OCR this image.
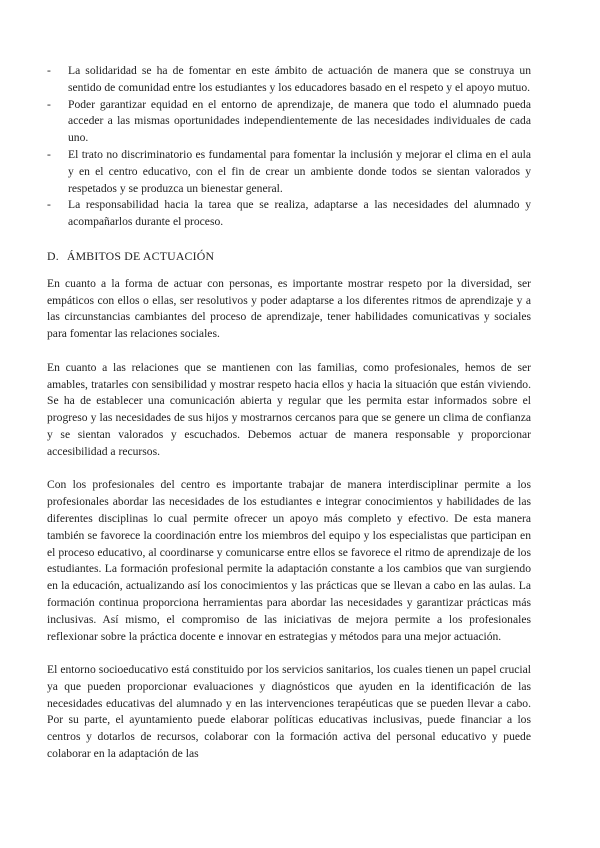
- La solidaridad se ha de fomentar en este ámbito de actuación de manera que se construya un sentido de comunidad entre los estudiantes y los educadores basado en el respeto y el apoyo mutuo.
- Poder garantizar equidad en el entorno de aprendizaje, de manera que todo el alumnado pueda acceder a las mismas oportunidades independientemente de las necesidades individuales de cada uno.
- El trato no discriminatorio es fundamental para fomentar la inclusión y mejorar el clima en el aula y en el centro educativo, con el fin de crear un ambiente donde todos se sientan valorados y respetados y se produzca un bienestar general.
- La responsabilidad hacia la tarea que se realiza, adaptarse a las necesidades del alumnado y acompañarlos durante el proceso.
D. ÁMBITOS DE ACTUACIÓN

En cuanto a la forma de actuar con personas, es importante mostrar respeto por la diversidad, ser empáticos con ellos o ellas, ser resolutivos y poder adaptarse a los diferentes ritmos de aprendizaje y a las circunstancias cambiantes del proceso de aprendizaje, tener habilidades comunicativas y sociales para fomentar las relaciones sociales.

En cuanto a las relaciones que se mantienen con las familias, como profesionales, hemos de ser amables, tratarles con sensibilidad y mostrar respeto hacia ellos y hacia la situación que están viviendo. Se ha de establecer una comunicación abierta y regular que les permita estar informados sobre el progreso y las necesidades de sus hijos y mostrarnos cercanos para que se genere un clima de confianza y se sientan valorados y escuchados. Debemos actuar de manera responsable y proporcionar accesibilidad a recursos.

Con los profesionales del centro es importante trabajar de manera interdisciplinar permite a los profesionales abordar las necesidades de los estudiantes e integrar conocimientos y habilidades de las diferentes disciplinas lo cual permite ofrecer un apoyo más completo y efectivo. De esta manera también se favorece la coordinación entre los miembros del equipo y los especialistas que participan en el proceso educativo, al coordinarse y comunicarse entre ellos se favorece el ritmo de aprendizaje de los estudiantes. La formación profesional permite la adaptación constante a los cambios que van surgiendo en la educación, actualizando así los conocimientos y las prácticas que se llevan a cabo en las aulas. La formación continua proporciona herramientas para abordar las necesidades y garantizar prácticas más inclusivas. Así mismo, el compromiso de las iniciativas de mejora permite a los profesionales reflexionar sobre la práctica docente e innovar en estrategias y métodos para una mejor actuación.

El entorno socioeducativo está constituido por los servicios sanitarios, los cuales tienen un papel crucial ya que pueden proporcionar evaluaciones y diagnósticos que ayuden en la identificación de las necesidades educativas del alumnado y en las intervenciones terapéuticas que se pueden llevar a cabo. Por su parte, el ayuntamiento puede elaborar políticas educativas inclusivas, puede financiar a los centros y dotarlos de recursos, colaborar con la formación activa del personal educativo y puede colaborar en la adaptación de las
